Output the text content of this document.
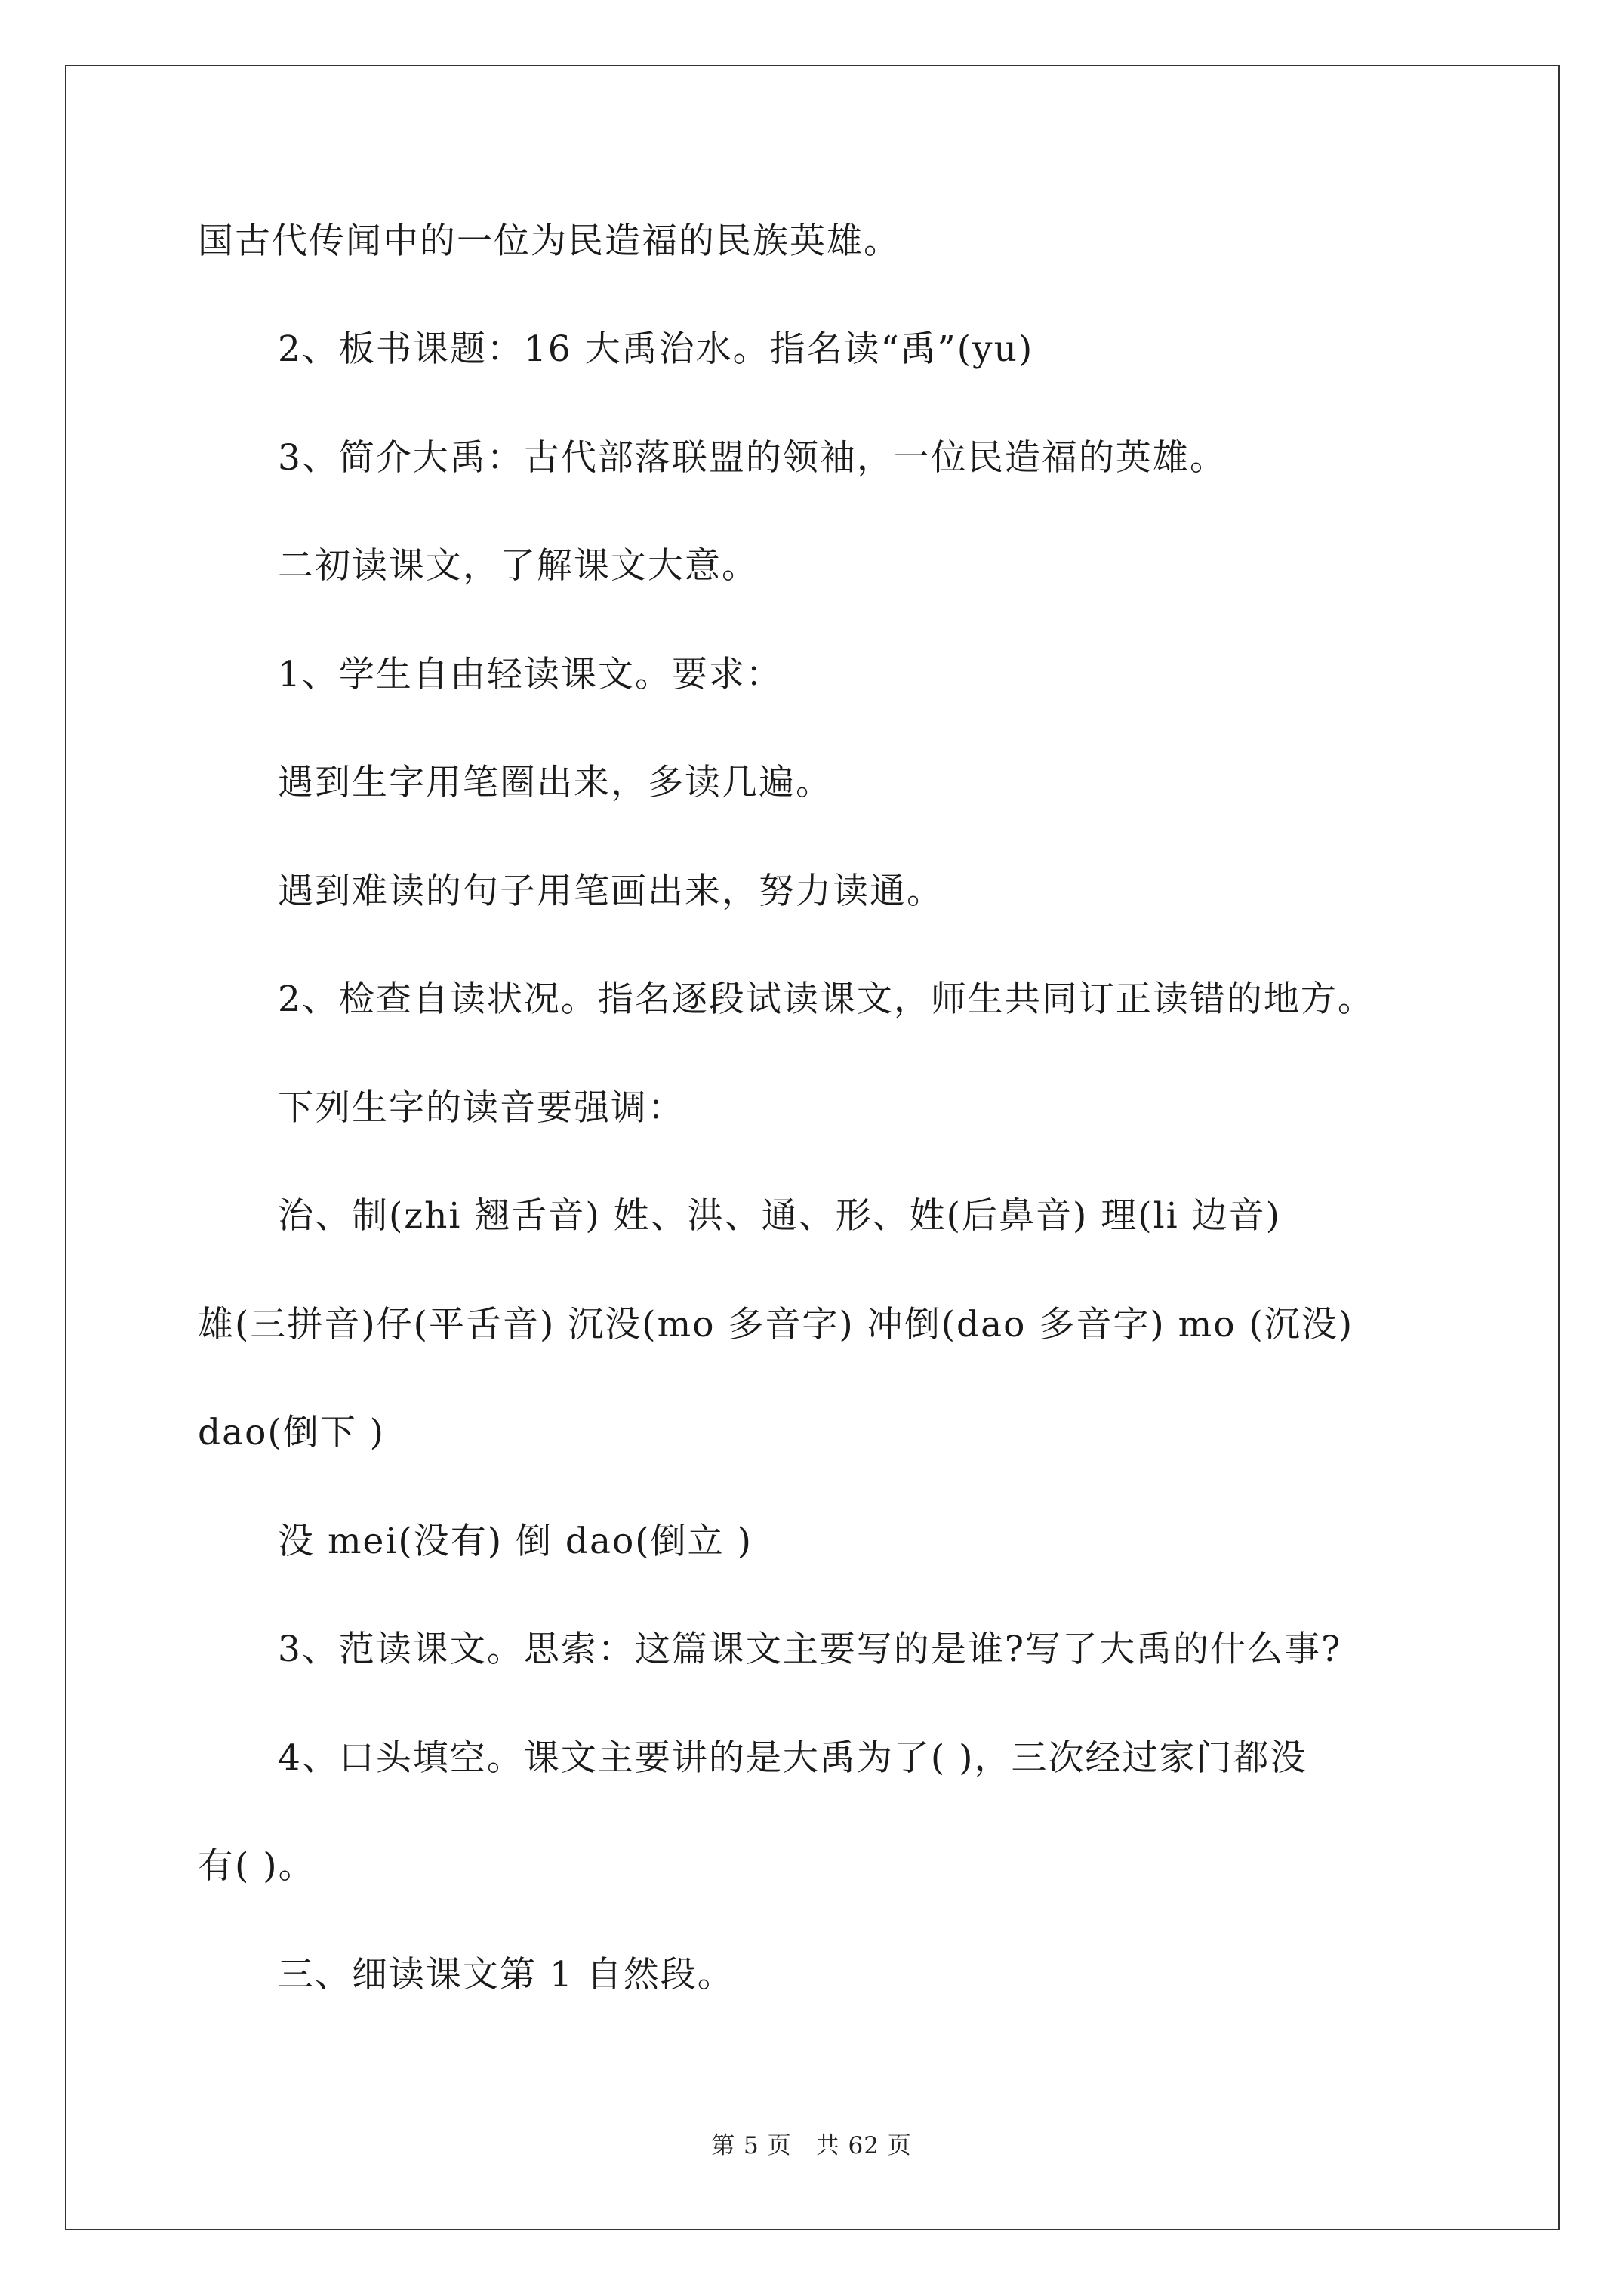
国古代传闻中的一位为民造福的民族英雄。
2、板书课题：16 大禹治水。指名读“禹”(yu)
3、简介大禹：古代部落联盟的领袖，一位民造福的英雄。
二初读课文，了解课文大意。
1、学生自由轻读课文。要求：
遇到生字用笔圈出来，多读几遍。
遇到难读的句子用笔画出来，努力读通。
2、检查自读状况。指名逐段试读课文，师生共同订正读错的地方。
下列生字的读音要强调：
治、制(zhi 翘舌音) 姓、洪、通、形、姓(后鼻音) 理(li 边音)
雄(三拼音)仔(平舌音) 沉没(mo 多音字) 冲倒(dao 多音字) mo (沉没)
dao(倒下 )
没 mei(没有) 倒 dao(倒立 )
3、范读课文。思索：这篇课文主要写的是谁?写了大禹的什么事?
4、口头填空。课文主要讲的是大禹为了( )，三次经过家门都没
有( )。
三、细读课文第 1 自然段。
第 5 页　共 62 页
